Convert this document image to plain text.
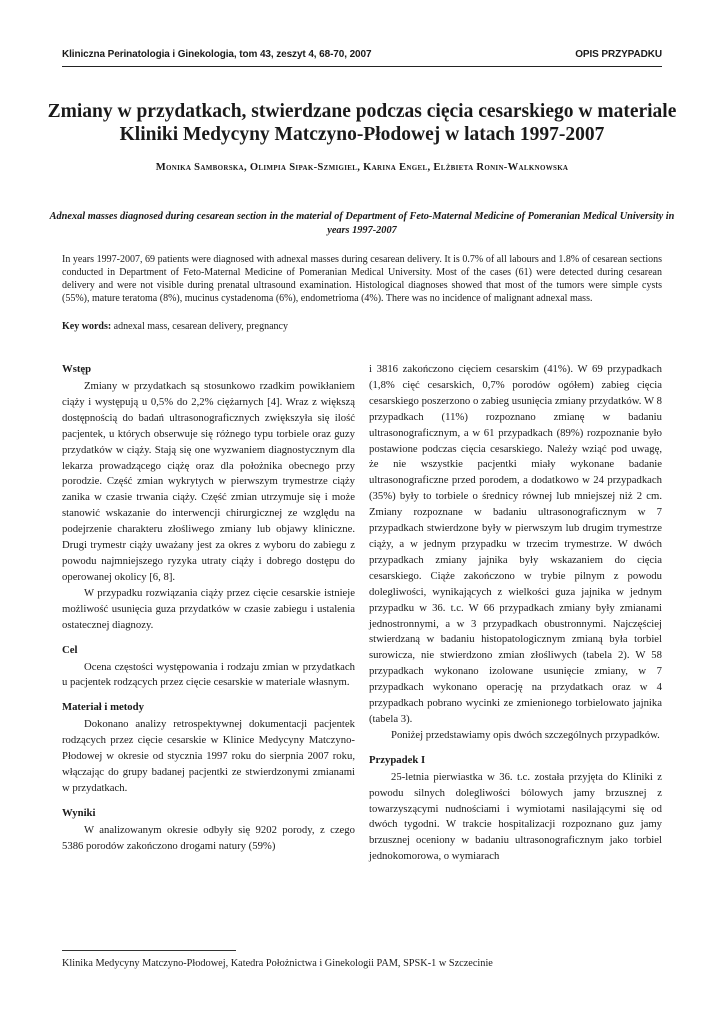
Kliniczna Perinatologia i Ginekologia, tom 43, zeszyt 4, 68-70, 2007	OPIS PRZYPADKU
Zmiany w przydatkach, stwierdzane podczas cięcia cesarskiego w materiale Kliniki Medycyny Matczyno-Płodowej w latach 1997-2007
Monika Samborska, Olimpia Sipak-Szmigiel, Karina Engel, Elżbieta Ronin-Walknowska
Adnexal masses diagnosed during cesarean section in the material of Department of Feto-Maternal Medicine of Pomeranian Medical University in years 1997-2007
In years 1997-2007, 69 patients were diagnosed with adnexal masses during cesarean delivery. It is 0.7% of all labours and 1.8% of cesarean sections conducted in Department of Feto-Maternal Medicine of Pomeranian Medical University. Most of the cases (61) were detected during cesarean delivery and were not visible during prenatal ultrasound examination. Histological diagnoses showed that most of the tumors were simple cysts (55%), mature teratoma (8%), mucinus cystadenoma (6%), endometrioma (4%). There was no incidence of malignant adnexal mass.
Key words: adnexal mass, cesarean delivery, pregnancy
Wstęp

Zmiany w przydatkach są stosunkowo rzadkim powikłaniem ciąży i występują u 0,5% do 2,2% ciężarnych [4]. Wraz z większą dostępnością do badań ultrasonograficznych zwiększyła się ilość pacjentek, u których obserwuje się różnego typu torbiele oraz guzy przydatków w ciąży. Stają się one wyzwaniem diagnostycznym dla lekarza prowadzącego ciążę oraz dla położnika obecnego przy porodzie. Część zmian wykrytych w pierwszym trymestrze ciąży zanika w czasie trwania ciąży. Część zmian utrzymuje się i może stanowić wskazanie do interwencji chirurgicznej ze względu na podejrzenie charakteru złośliwego zmiany lub objawy kliniczne. Drugi trymestr ciąży uważany jest za okres z wyboru do zabiegu z powodu najmniejszego ryzyka utraty ciąży i dobrego dostępu do operowanej okolicy [6, 8].

W przypadku rozwiązania ciąży przez cięcie cesarskie istnieje możliwość usunięcia guza przydatków w czasie zabiegu i ustalenia ostatecznej diagnozy.

Cel

Ocena częstości występowania i rodzaju zmian w przydatkach u pacjentek rodzących przez cięcie cesarskie w materiale własnym.

Materiał i metody

Dokonano analizy retrospektywnej dokumentacji pacjentek rodzących przez cięcie cesarskie w Klinice Medycyny Matczyno-Płodowej w okresie od stycznia 1997 roku do sierpnia 2007 roku, włączając do grupy badanej pacjentki ze stwierdzonymi zmianami w przydatkach.

Wyniki

W analizowanym okresie odbyły się 9202 porody, z czego 5386 porodów zakończono drogami natury (59%)

i 3816 zakończono cięciem cesarskim (41%). W 69 przypadkach (1,8% cięć cesarskich, 0,7% porodów ogółem) zabieg cięcia cesarskiego poszerzono o zabieg usunięcia zmiany przydatków. W 8 przypadkach (11%) rozpoznano zmianę w badaniu ultrasonograficznym, a w 61 przypadkach (89%) rozpoznanie było postawione podczas cięcia cesarskiego. Należy wziąć pod uwagę, że nie wszystkie pacjentki miały wykonane badanie ultrasonograficzne przed porodem, a dodatkowo w 24 przypadkach (35%) były to torbiele o średnicy równej lub mniejszej niż 2 cm. Zmiany rozpoznane w badaniu ultrasonograficznym w 7 przypadkach stwierdzone były w pierwszym lub drugim trymestrze ciąży, a w jednym przypadku w trzecim trymestrze. W dwóch przypadkach zmiany jajnika były wskazaniem do cięcia cesarskiego. Ciąże zakończono w trybie pilnym z powodu dolegliwości, wynikających z wielkości guza jajnika w jednym przypadku w 36. t.c. W 66 przypadkach zmiany były zmianami jednostronnymi, a w 3 przypadkach obustronnymi. Najczęściej stwierdzaną w badaniu histopatologicznym zmianą była torbiel surowicza, nie stwierdzono zmian złośliwych (tabela 2). W 58 przypadkach wykonano izolowane usunięcie zmiany, w 7 przypadkach wykonano operację na przydatkach oraz w 4 przypadkach pobrano wycinki ze zmienionego torbielowato jajnika (tabela 3).

Poniżej przedstawiamy opis dwóch szczególnych przypadków.

Przypadek I

25-letnia pierwiastka w 36. t.c. została przyjęta do Kliniki z powodu silnych dolegliwości bólowych jamy brzusznej z towarzyszącymi nudnościami i wymiotami nasilającymi się od dwóch tygodni. W trakcie hospitalizacji rozpoznano guz jamy brzusznej oceniony w badaniu ultrasonograficznym jako torbiel jednokomorowa, o wymiarach

Klinika Medycyny Matczyno-Płodowej, Katedra Położnictwa i Ginekologii PAM, SPSK-1 w Szczecinie
